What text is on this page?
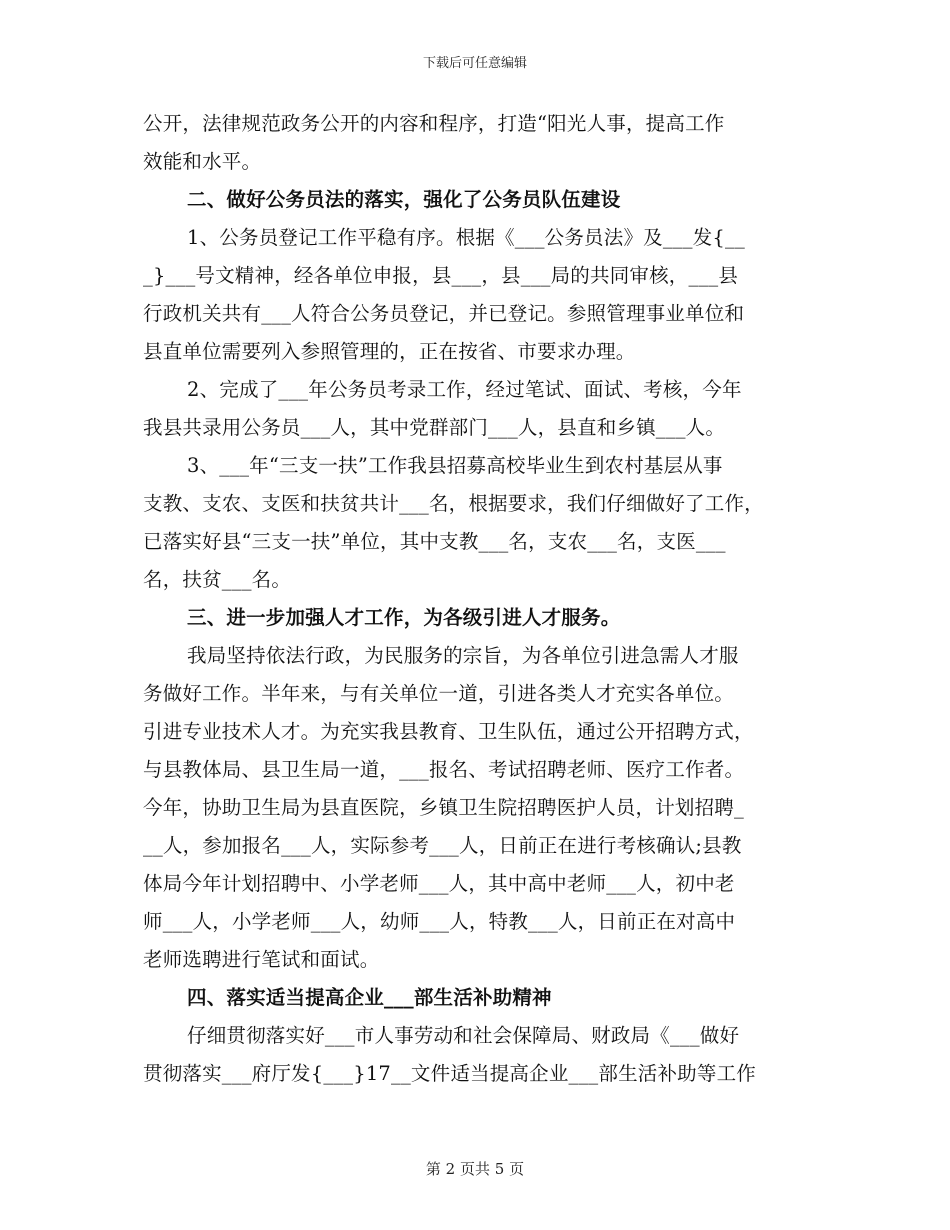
下载后可任意编辑
公开，法律规范政务公开的内容和程序，打造“阳光人事，提高工作
效能和水平。
二、做好公务员法的落实，强化了公务员队伍建设
1、公务员登记工作平稳有序。根据《___公务员法》及___发{__
_}___号文精神，经各单位申报，县___，县___局的共同审核，___县
行政机关共有___人符合公务员登记，并已登记。参照管理事业单位和
县直单位需要列入参照管理的，正在按省、市要求办理。
2、完成了___年公务员考录工作，经过笔试、面试、考核，今年
我县共录用公务员___人，其中党群部门___人，县直和乡镇___人。
3、___年“三支一扶”工作我县招募高校毕业生到农村基层从事
支教、支农、支医和扶贫共计___名，根据要求，我们仔细做好了工作，
已落实好县“三支一扶”单位，其中支教___名，支农___名，支医___
名，扶贫___名。
三、进一步加强人才工作，为各级引进人才服务。
我局坚持依法行政，为民服务的宗旨，为各单位引进急需人才服
务做好工作。半年来，与有关单位一道，引进各类人才充实各单位。
引进专业技术人才。为充实我县教育、卫生队伍，通过公开招聘方式，
与县教体局、县卫生局一道，___报名、考试招聘老师、医疗工作者。
今年，协助卫生局为县直医院，乡镇卫生院招聘医护人员，计划招聘_
__人，参加报名___人，实际参考___人，日前正在进行考核确认;县教
体局今年计划招聘中、小学老师___人，其中高中老师___人，初中老
师___人，小学老师___人，幼师___人，特教___人，日前正在对高中
老师选聘进行笔试和面试。
四、落实适当提高企业___部生活补助精神
仔细贯彻落实好___市人事劳动和社会保障局、财政局《___做好
贯彻落实___府厅发{___}17__文件适当提高企业___部生活补助等工作
第 2 页共 5 页
